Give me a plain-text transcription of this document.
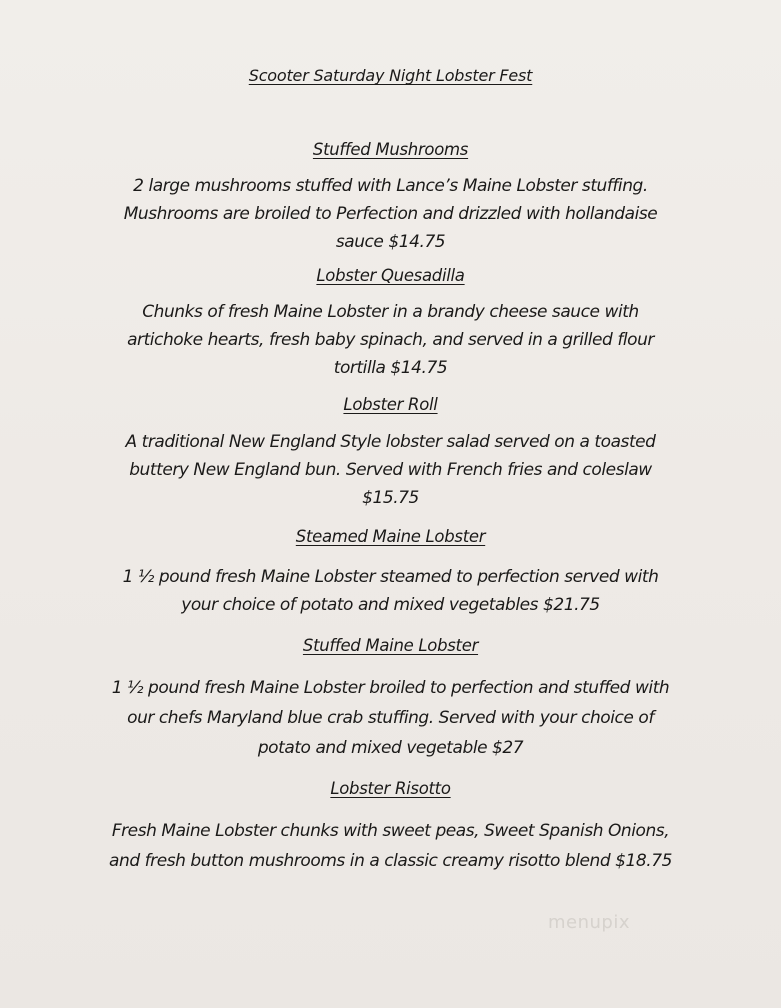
Scooter Saturday Night Lobster Fest
Stuffed Mushrooms
2 large mushrooms stuffed with Lance’s Maine Lobster stuffing.
Mushrooms are broiled to Perfection and drizzled with hollandaise
sauce $14.75
Lobster Quesadilla
Chunks of fresh Maine Lobster in a brandy cheese sauce with
artichoke hearts, fresh baby spinach, and served in a grilled flour
tortilla $14.75
Lobster Roll
A traditional New England Style lobster salad served on a toasted
buttery New England bun. Served with French fries and coleslaw
$15.75
Steamed Maine Lobster
1 ½ pound fresh Maine Lobster steamed to perfection served with
your choice of potato and mixed vegetables $21.75
Stuffed Maine Lobster
1 ½ pound fresh Maine Lobster broiled to perfection and stuffed with
our chefs Maryland blue crab stuffing. Served with your choice of
potato and mixed vegetable $27
Lobster Risotto
Fresh Maine Lobster chunks with sweet peas, Sweet Spanish Onions,
and fresh button mushrooms in a classic creamy risotto blend $18.75
menupix
